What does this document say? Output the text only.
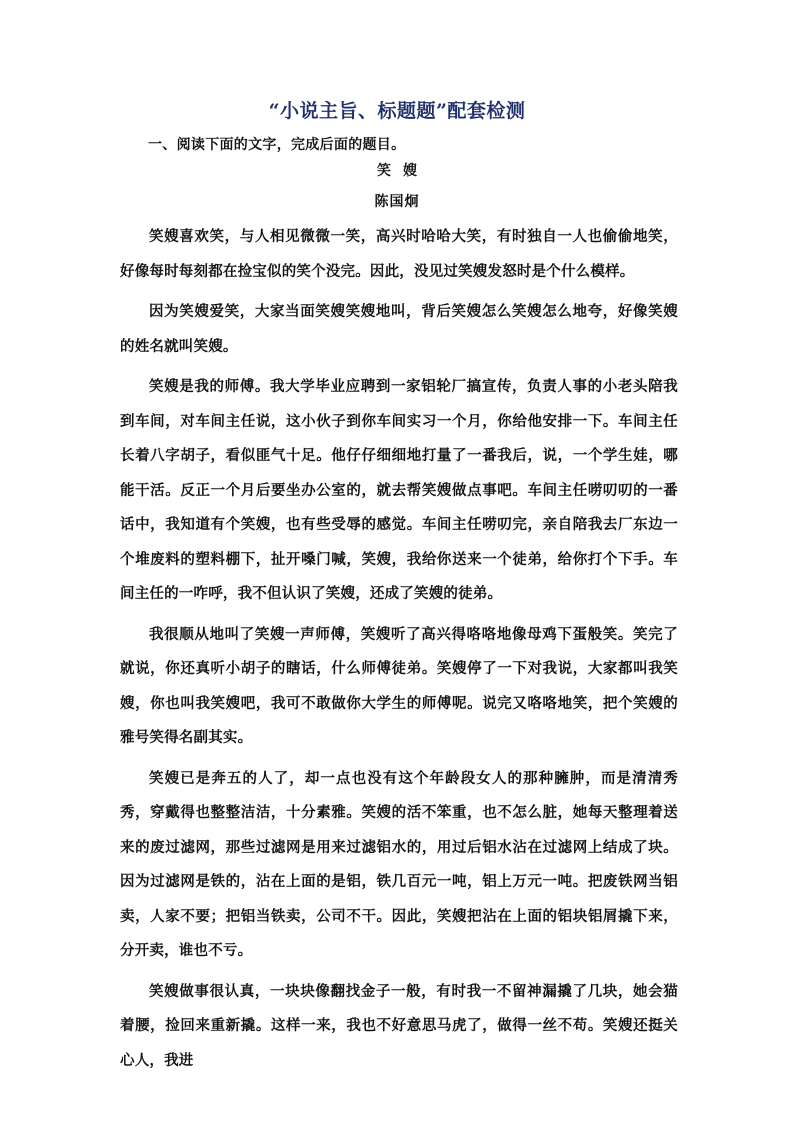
“小说主旨、标题题”配套检测
一、阅读下面的文字，完成后面的题目。
笑嫂
陈国炯

笑嫂喜欢笑，与人相见微微一笑，高兴时哈哈大笑，有时独自一人也偷偷地笑，好像每时每刻都在捡宝似的笑个没完。因此，没见过笑嫂发怒时是个什么模样。

因为笑嫂爱笑，大家当面笑嫂笑嫂地叫，背后笑嫂怎么笑嫂怎么地夸，好像笑嫂的姓名就叫笑嫂。

笑嫂是我的师傅。我大学毕业应聘到一家铝轮厂搞宣传，负责人事的小老头陪我到车间，对车间主任说，这小伙子到你车间实习一个月，你给他安排一下。车间主任长着八字胡子，看似匪气十足。他仔仔细细地打量了一番我后，说，一个学生娃，哪能干活。反正一个月后要坐办公室的，就去帮笑嫂做点事吧。车间主任唠叨叨的一番话中，我知道有个笑嫂，也有些受辱的感觉。车间主任唠叨完，亲自陪我去厂东边一个堆废料的塑料棚下，扯开嗓门喊，笑嫂，我给你送来一个徒弟，给你打个下手。车间主任的一咋呼，我不但认识了笑嫂，还成了笑嫂的徒弟。

我很顺从地叫了笑嫂一声师傅，笑嫂听了高兴得咯咯地像母鸡下蛋般笑。笑完了就说，你还真听小胡子的瞎话，什么师傅徒弟。笑嫂停了一下对我说，大家都叫我笑嫂，你也叫我笑嫂吧，我可不敢做你大学生的师傅呢。说完又咯咯地笑，把个笑嫂的雅号笑得名副其实。

笑嫂已是奔五的人了，却一点也没有这个年龄段女人的那种臃肿，而是清清秀秀，穿戴得也整整洁洁，十分素雅。笑嫂的活不笨重，也不怎么脏，她每天整理着送来的废过滤网，那些过滤网是用来过滤铝水的，用过后铝水沾在过滤网上结成了块。因为过滤网是铁的，沾在上面的是铝，铁几百元一吨，铝上万元一吨。把废铁网当铝卖，人家不要；把铝当铁卖，公司不干。因此，笑嫂把沾在上面的铝块铝屑撬下来，分开卖，谁也不亏。

笑嫂做事很认真，一块块像翻找金子一般，有时我一不留神漏撬了几块，她会猫着腰，捡回来重新撬。这样一来，我也不好意思马虎了，做得一丝不苟。笑嫂还挺关心人，我进
